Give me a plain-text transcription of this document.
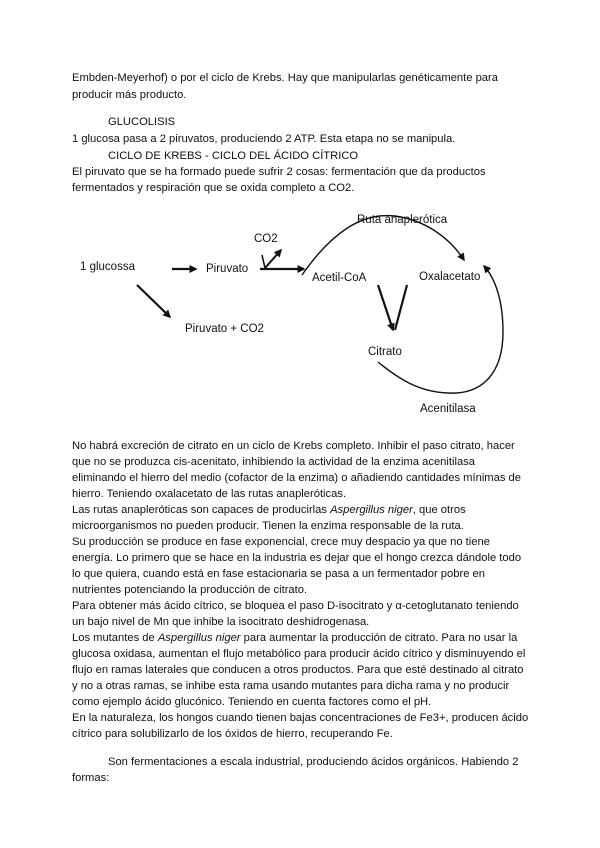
Embden-Meyerhof) o por el ciclo de Krebs. Hay que manipularlas genéticamente para
producir más producto.
GLUCOLISIS
1 glucosa pasa a 2 piruvatos, produciendo 2 ATP. Esta etapa no se manipula.
CICLO DE KREBS - CICLO DEL ÁCIDO CÍTRICO
El piruvato que se ha formado puede sufrir 2 cosas: fermentación que da productos
fermentados y respiración que se oxida completo a CO2.
1 glucossa	Piruvato
CO2
Piruvato + CO2
Acetil-CoA
Ruta anaplerótica
Oxalacetato
Citrato
Acenitilasa
No habrá excreción de citrato en un ciclo de Krebs completo. Inhibir el paso citrato, hacer
que no se produzca cis-acenitato, inhibiendo la actividad de la enzima acenitilasa
eliminando el hierro del medio (cofactor de la enzima) o añadiendo cantidades mínimas de
hierro. Teniendo oxalacetato de las rutas anapleróticas.
Las rutas anapleróticas son capaces de producirlas Aspergillus niger, que otros
microorganismos no pueden producir. Tienen la enzima responsable de la ruta.
Su producción se produce en fase exponencial, crece muy despacio ya que no tiene
energía. Lo primero que se hace en la industria es dejar que el hongo crezca dándole todo
lo que quiera, cuando está en fase estacionaria se pasa a un fermentador pobre en
nutrientes potenciando la producción de citrato.
Para obtener más ácido cítrico, se bloquea el paso D-isocitrato y α-cetoglutanato teniendo
un bajo nivel de Mn que inhibe la isocitrato deshidrogenasa.
Los mutantes de Aspergillus niger para aumentar la producción de citrato. Para no usar la
glucosa oxidasa, aumentan el flujo metabólico para producir ácido cítrico y disminuyendo el
flujo en ramas laterales que conducen a otros productos. Para que esté destinado al citrato
y no a otras ramas, se inhibe esta rama usando mutantes para dicha rama y no producir
como ejemplo ácido glucónico. Teniendo en cuenta factores como el pH.
En la naturaleza, los hongos cuando tienen bajas concentraciones de Fe3+, producen ácido
cítrico para solubilizarlo de los óxidos de hierro, recuperando Fe.
Son fermentaciones a escala industrial, produciendo ácidos orgánicos. Habiendo 2
formas:
